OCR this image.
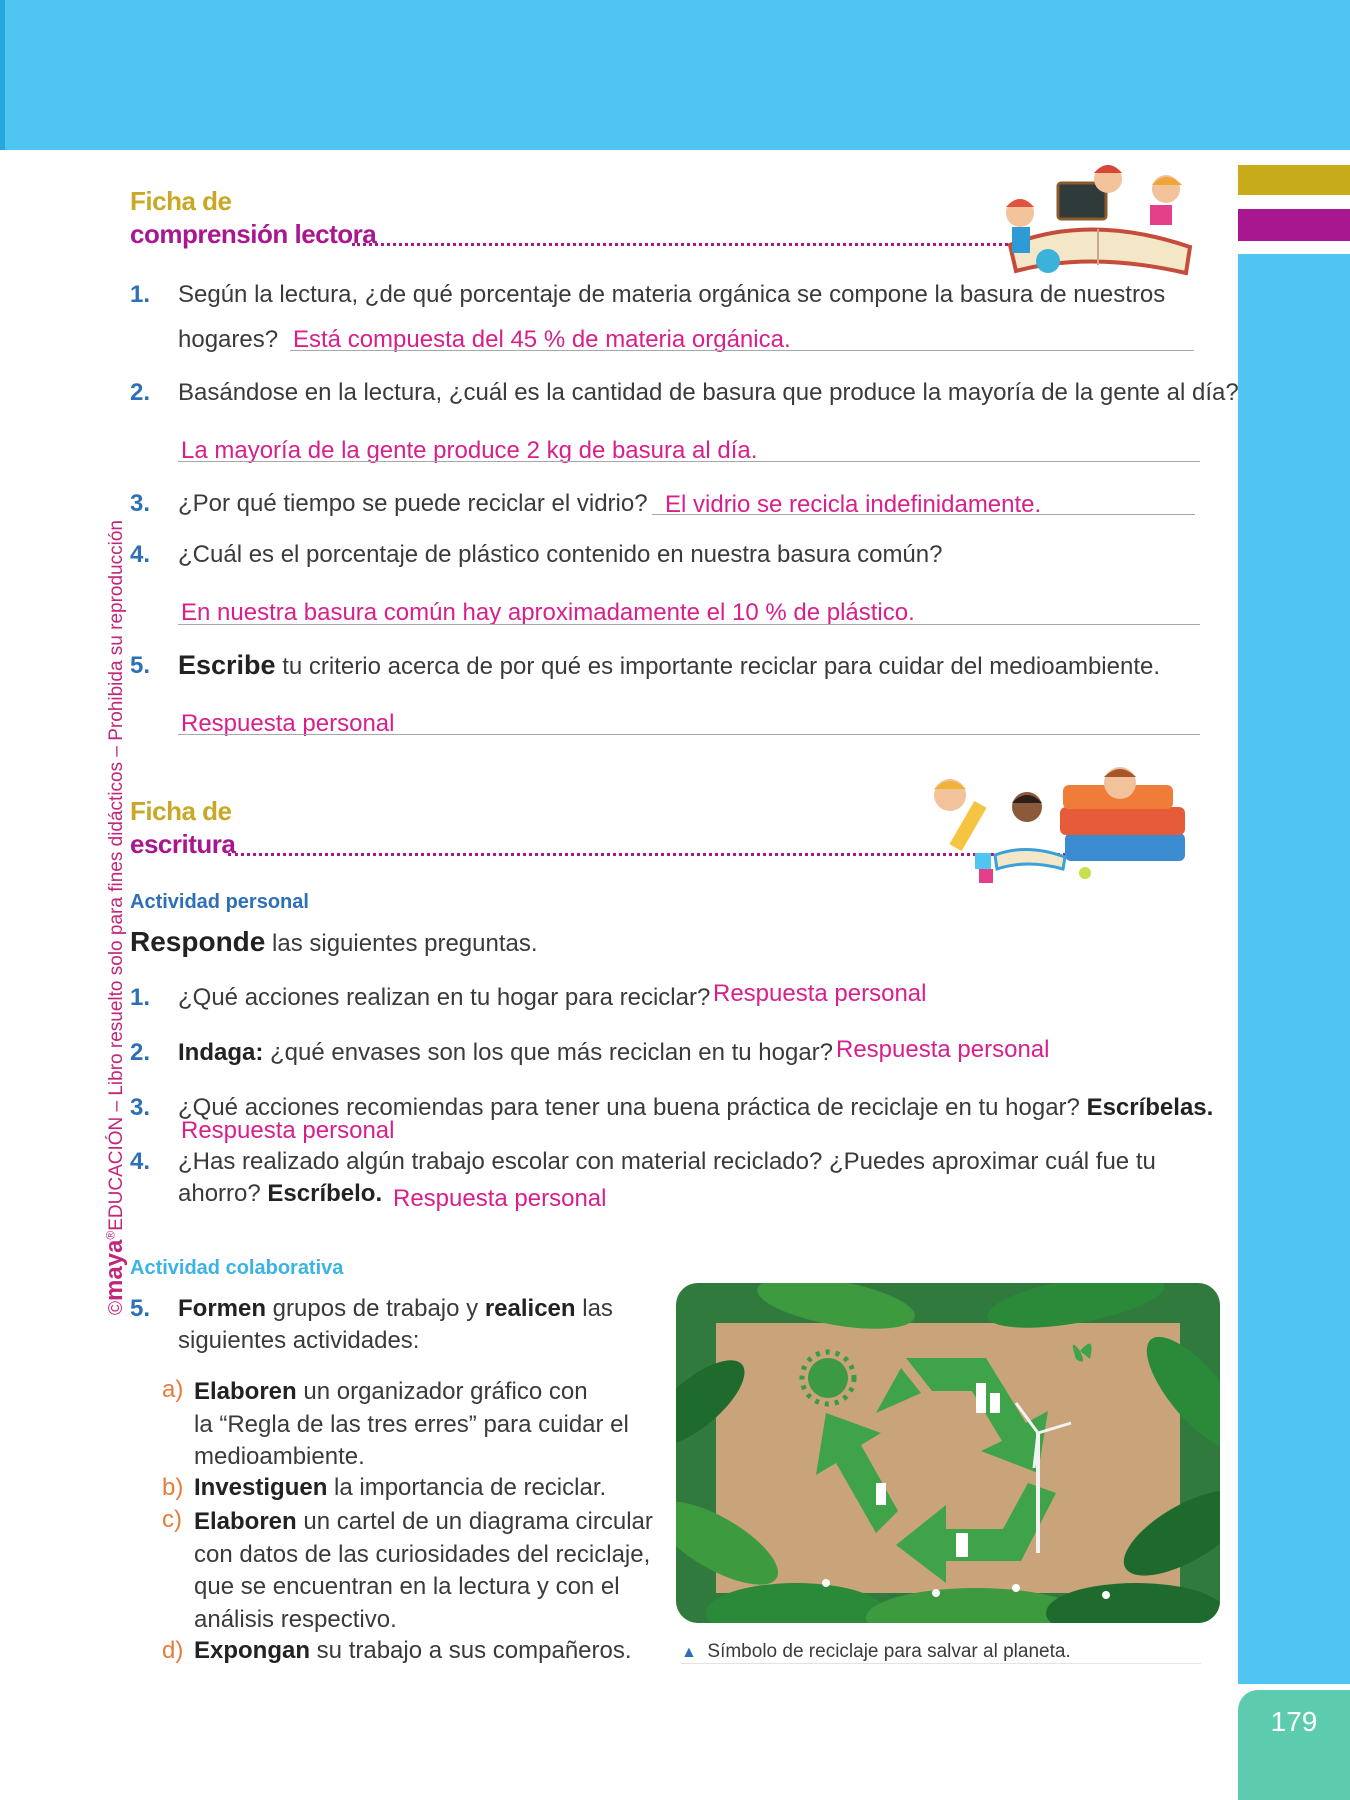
179
©maya®EDUCACIÓN – Libro resuelto solo para fines didácticos – Prohibida su reproducción
Ficha de
comprensión lectora
1. Según la lectura, ¿de qué porcentaje de materia orgánica se compone la basura de nuestros
hogares? Está compuesta del 45 % de materia orgánica.
2. Basándose en la lectura, ¿cuál es la cantidad de basura que produce la mayoría de la gente al día?
La mayoría de la gente produce 2 kg de basura al día.
3. ¿Por qué tiempo se puede reciclar el vidrio? El vidrio se recicla indefinidamente.
4. ¿Cuál es el porcentaje de plástico contenido en nuestra basura común?
En nuestra basura común hay aproximadamente el 10 % de plástico.
5. Escribe tu criterio acerca de por qué es importante reciclar para cuidar del medioambiente.
Respuesta personal
Ficha de
escritura
Actividad personal
Responde las siguientes preguntas.
1. ¿Qué acciones realizan en tu hogar para reciclar? Respuesta personal
2. Indaga: ¿qué envases son los que más reciclan en tu hogar? Respuesta personal
3. ¿Qué acciones recomiendas para tener una buena práctica de reciclaje en tu hogar? Escríbelas.
Respuesta personal
4. ¿Has realizado algún trabajo escolar con material reciclado? ¿Puedes aproximar cuál fue tu
ahorro? Escríbelo. Respuesta personal
Actividad colaborativa
5. Formen grupos de trabajo y realicen las
siguientes actividades:
a) Elaboren un organizador gráfico con
la “Regla de las tres erres” para cuidar el
medioambiente.
b) Investiguen la importancia de reciclar.
c) Elaboren un cartel de un diagrama circular
con datos de las curiosidades del reciclaje,
que se encuentran en la lectura y con el
análisis respectivo.
d) Expongan su trabajo a sus compañeros.	▲ Símbolo de reciclaje para salvar al planeta.
